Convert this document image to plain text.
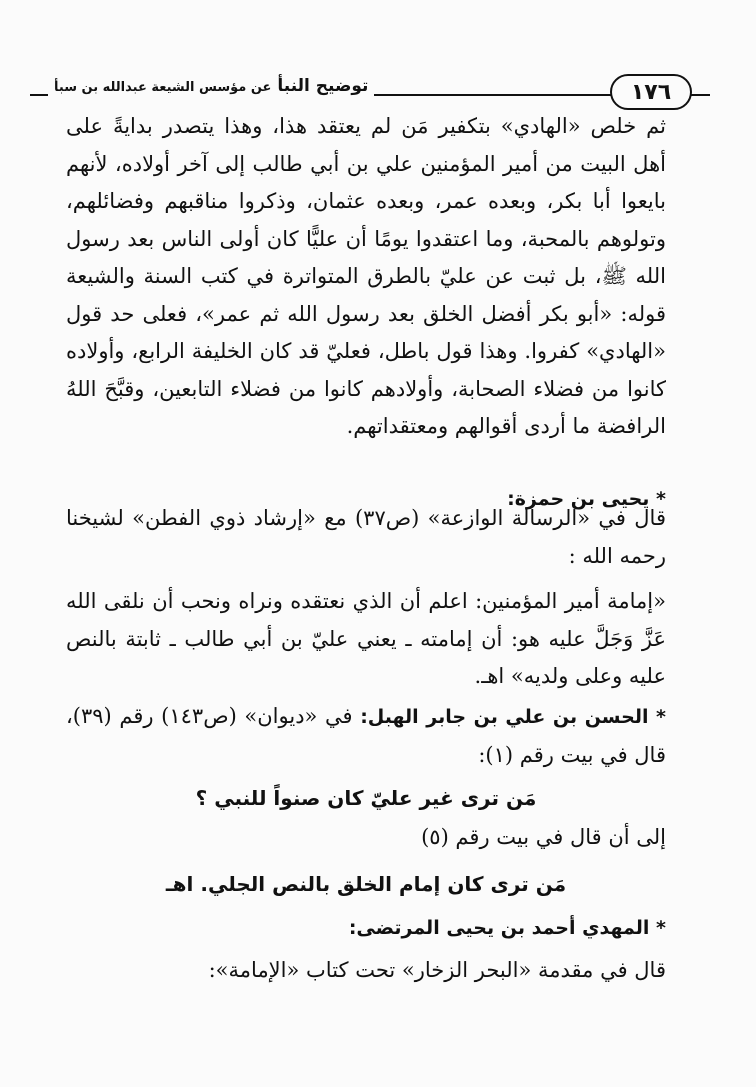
١٧٦
توضيح النبأ عن مؤسس الشيعة عبدالله بن سبأ
ثم خلص «الهادي» بتكفير مَن لم يعتقد هذا، وهذا يتصدر بدايةً على أهل البيت من أمير المؤمنين علي بن أبي طالب إلى آخر أولاده، لأنهم بايعوا أبا بكر، وبعده عمر، وبعده عثمان، وذكروا مناقبهم وفضائلهم، وتولوهم بالمحبة، وما اعتقدوا يومًا أن عليًّا كان أولى الناس بعد رسول الله ﷺ، بل ثبت عن عليّ بالطرق المتواترة في كتب السنة والشيعة قوله: «أبو بكر أفضل الخلق بعد رسول الله ثم عمر»، فعلى حد قول «الهادي» كفروا. وهذا قول باطل، فعليّ قد كان الخليفة الرابع، وأولاده كانوا من فضلاء الصحابة، وأولادهم كانوا من فضلاء التابعين، وقبَّحَ اللهُ الرافضة ما أردى أقوالهم ومعتقداتهم.
* يحيى بن حمزة:
قال في «الرسالة الوازعة» (ص٣٧) مع «إرشاد ذوي الفطن» لشيخنا رحمه الله :
«إمامة أمير المؤمنين: اعلم أن الذي نعتقده ونراه ونحب أن نلقى الله عَزَّ وَجَلَّ عليه هو: أن إمامته ـ يعني عليّ بن أبي طالب ـ ثابتة بالنص عليه وعلى ولديه» اهـ.
* الحسن بن علي بن جابر الهبل: في «ديوان» (ص١٤٣) رقم (٣٩)، قال في بيت رقم (١):
مَن ترى غير عليّ كان صنواً للنبي ؟
إلى أن قال في بيت رقم (٥)
مَن ترى كان إمام الخلق بالنص الجلي. اهـ
* المهدي أحمد بن يحيى المرتضى:
قال في مقدمة «البحر الزخار» تحت كتاب «الإمامة»:
